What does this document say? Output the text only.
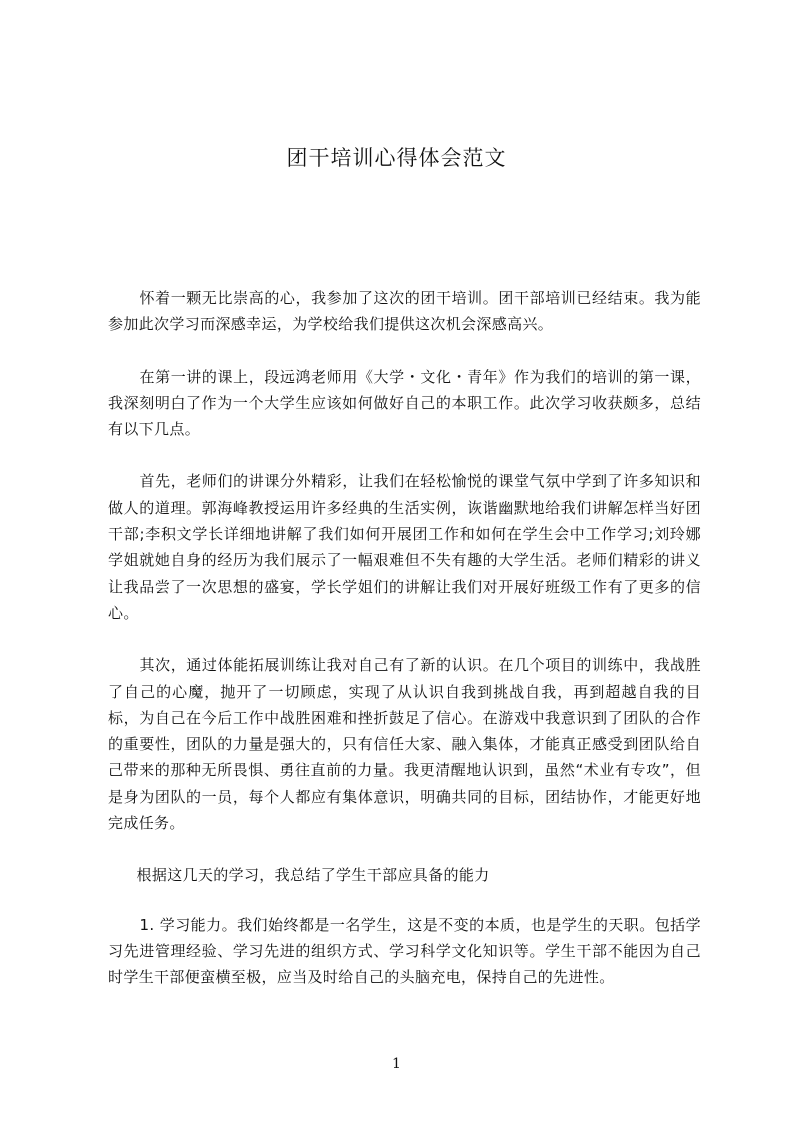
团干培训心得体会范文

怀着一颗无比崇高的心，我参加了这次的团干培训。团干部培训已经结束。我为能参加此次学习而深感幸运，为学校给我们提供这次机会深感高兴。

在第一讲的课上，段远鸿老师用《大学・文化・青年》作为我们的培训的第一课，我深刻明白了作为一个大学生应该如何做好自己的本职工作。此次学习收获颇多，总结有以下几点。

首先，老师们的讲课分外精彩，让我们在轻松愉悦的课堂气氛中学到了许多知识和做人的道理。郭海峰教授运用许多经典的生活实例，诙谐幽默地给我们讲解怎样当好团干部;李积文学长详细地讲解了我们如何开展团工作和如何在学生会中工作学习;刘玲娜学姐就她自身的经历为我们展示了一幅艰难但不失有趣的大学生活。老师们精彩的讲义让我品尝了一次思想的盛宴，学长学姐们的讲解让我们对开展好班级工作有了更多的信心。

其次，通过体能拓展训练让我对自己有了新的认识。在几个项目的训练中，我战胜了自己的心魔，抛开了一切顾虑，实现了从认识自我到挑战自我，再到超越自我的目标，为自己在今后工作中战胜困难和挫折鼓足了信心。在游戏中我意识到了团队的合作的重要性，团队的力量是强大的，只有信任大家、融入集体，才能真正感受到团队给自己带来的那种无所畏惧、勇往直前的力量。我更清醒地认识到，虽然“术业有专攻”，但是身为团队的一员，每个人都应有集体意识，明确共同的目标，团结协作，才能更好地完成任务。

根据这几天的学习，我总结了学生干部应具备的能力

1. 学习能力。我们始终都是一名学生，这是不变的本质，也是学生的天职。包括学习先进管理经验、学习先进的组织方式、学习科学文化知识等。学生干部不能因为自己时学生干部便蛮横至极，应当及时给自己的头脑充电，保持自己的先进性。

1
